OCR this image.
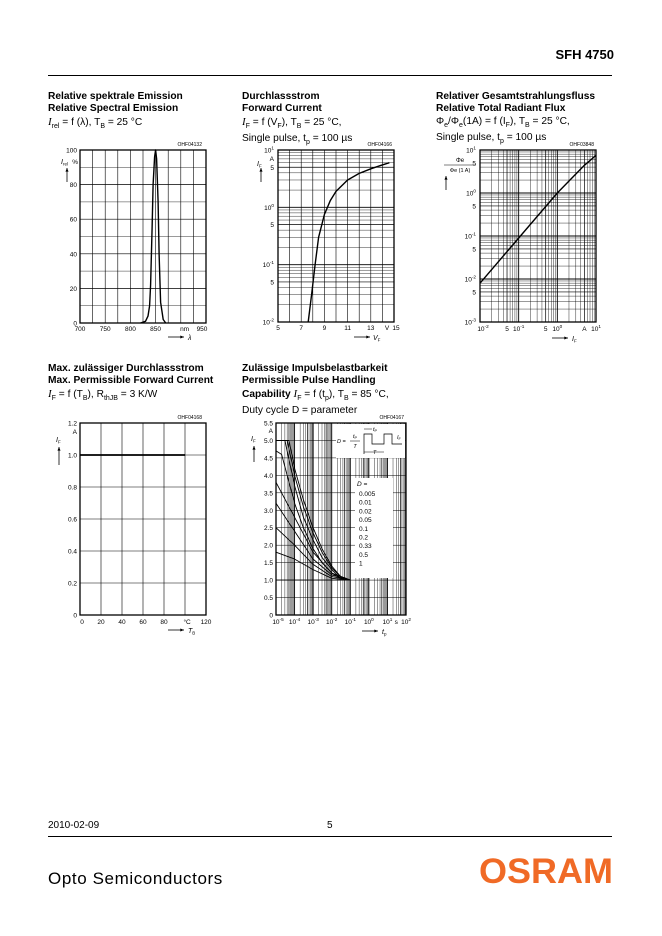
SFH 4750
Relative spektrale Emission
Relative Spectral Emission
$I_{rel} = f$ (λ), $T_B = 25$ °C
Durchlassstrom
Forward Current
$I_F = f$ $(V_F)$, $T_B = 25$ °C,
Single pulse, $t_p = 100$ µs
Relativer Gesamtstrahlungsfluss
Relative Total Radiant Flux
$\Phi_e/\Phi_e(1A) = f$ $(I_F)$, $T_B = 25$ °C,
Single pulse, $t_p = 100$ µs
Max. zulässiger Durchlassstrom
Max. Permissible Forward Current
$I_F = f$ $(T_B)$, $R_{thJB} = 3$ K/W
Zulässige Impulsbelastbarkeit
Permissible Pulse Handling
Capability $I_F = f$ $(t_p)$, $T_B = 85$ °C,
Duty cycle D = parameter
700 750 800 850	nm 950
0
20
40
60
80
100
OHF04132
$I_{rel}$ %
λ
5	7	9	11 13 V 15
$10^{-2}$
5
$10^{-1}$
5
$10^0$
5
$10^1$	OHF04166
A
$I_F$
$V_F$
$10^{-2}$	5 $10^{-1}$	5 $10^0$	A $10^1$
$10^{-3}$
5
$10^{-2}$
5
$10^{-1}$
5
$10^0$
5
$10^1$	OHF03848
Φe
Φe (1 A)
$I_F$
0 20 40 60 80 °C 120
0
0.2
0.4
0.6
0.8
1.0
1.2
OHF04168
A
$I_F$
$T_B$
$10^{-5}$ $10^{-4}$ $10^{-3}$ $10^{-2}$ $10^{-1}$ $10^0$ $10^1$ s $10^2$
0
0.5
1.0
1.5
2.0
2.5
3.0
3.5
4.0
4.5
5.0
5.5
OHF04167
A
$I_F$
$t_p$
D =
0.005
0.01
0.02
0.05
0.1
0.2
0.33
0.5
1
tP
T
D =
tP
T
IF
2010-02-09	5
Opto Semiconductors	OSRAM
